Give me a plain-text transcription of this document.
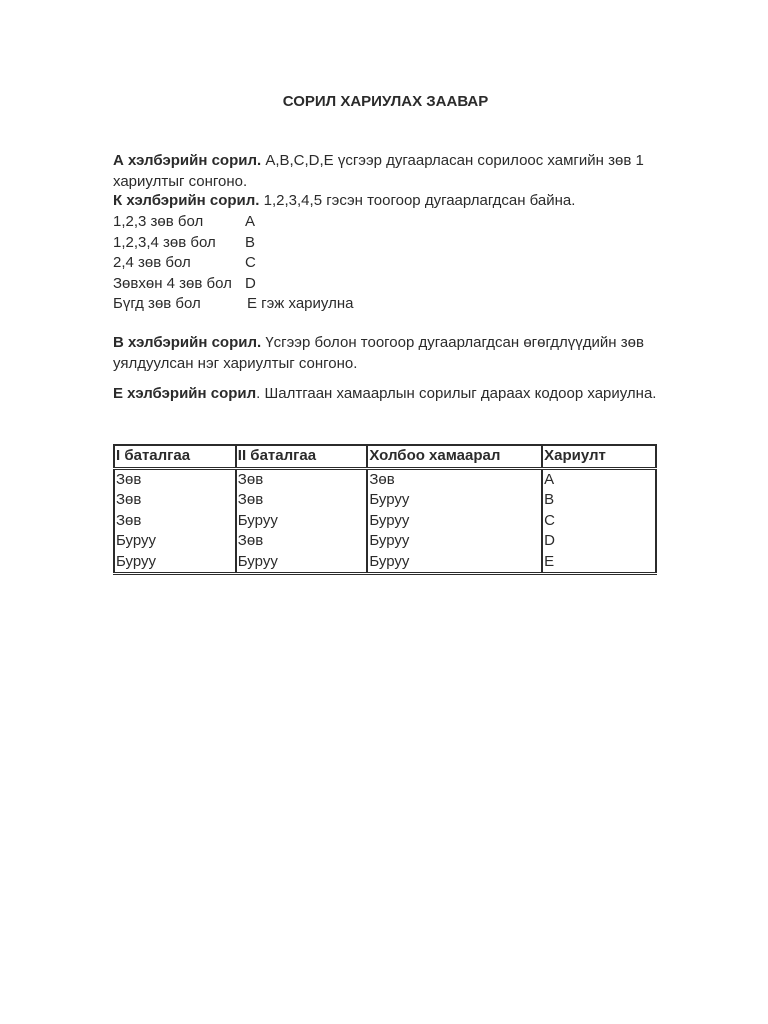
СОРИЛ ХАРИУЛАХ ЗААВАР

А хэлбэрийн сорил. А,В,С,D,Е үсгээр дугаарласан сорилоос хамгийн зөв 1 хариултыг сонгоно.

К хэлбэрийн сорил. 1,2,3,4,5 гэсэн тоогоор дугаарлагдсан байна.

1,2,3 зөв бол	А
1,2,3,4 зөв бол В
2,4 зөв бол	С
Зөвхөн 4 зөв бол D
Бүгд зөв бол	Е гэж хариулна

В хэлбэрийн сорил. Үсгээр болон тоогоор дугаарлагдсан өгөгдлүүдийн зөв уялдуулсан нэг хариултыг сонгоно.

Е хэлбэрийн сорил. Шалтгаан хамаарлын сорилыг дараах кодоор хариулна.

I баталгаа	II баталгаа	Холбоо хамаарал	Хариулт
Зөв	Зөв	Зөв	А
Зөв	Зөв	Буруу	В
Зөв	Буруу	Буруу	С
Буруу	Зөв	Буруу	D
Буруу	Буруу	Буруу	Е
